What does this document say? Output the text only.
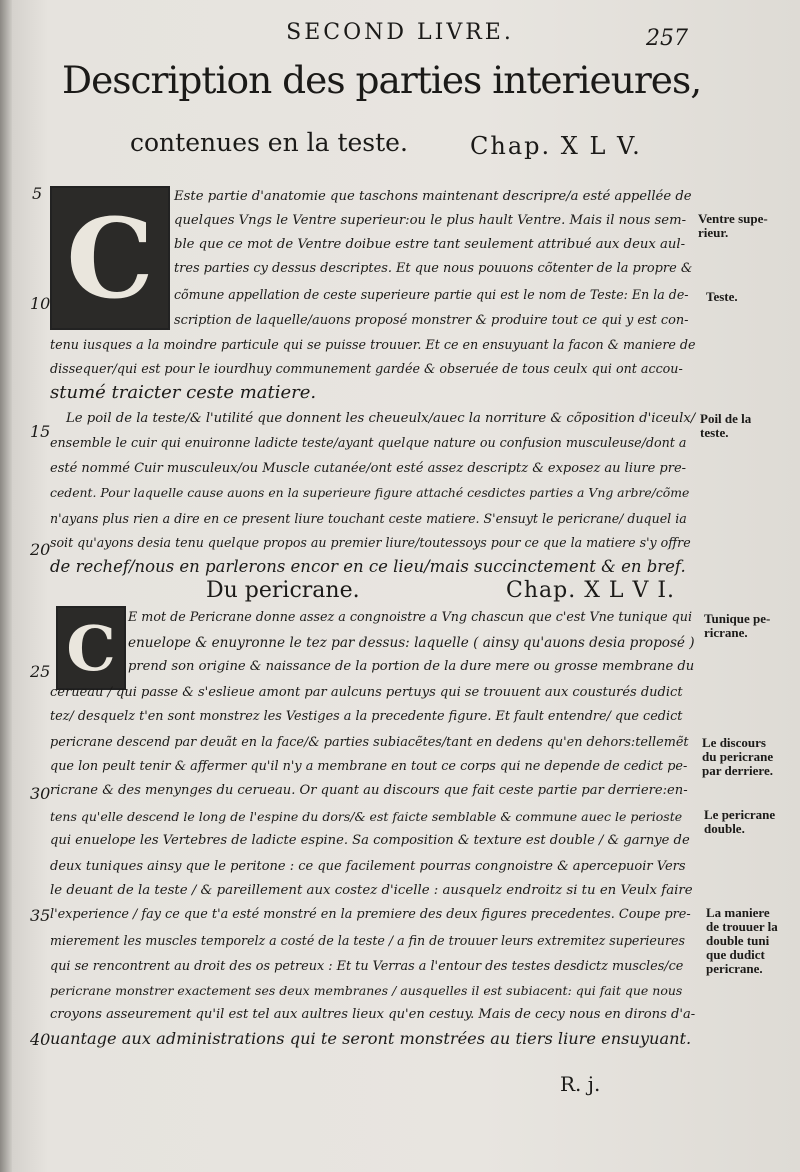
SECOND LIVRE.	257
Description des parties interieures,
contenues en la teste.	Chap. X L V.
5
10
15
20
25
30
35
40
C
C
Este partie d'anatomie que taschons maintenant descripre/a esté appellée de
quelques Vngs le Ventre superieur:ou le plus hault Ventre. Mais il nous sem-
ble que ce mot de Ventre doibue estre tant seulement attribué aux deux aul-
tres parties cy dessus descriptes. Et que nous pouuons cõtenter de la propre &
cõmune appellation de ceste superieure partie qui est le nom de Teste: En la de-
scription de laquelle/auons proposé monstrer & produire tout ce qui y est con-
tenu iusques a la moindre particule qui se puisse trouuer. Et ce en ensuyuant la facon & maniere de
dissequer/qui est pour le iourdhuy communement gardée & obseruée de tous ceulx qui ont accou-
stumé traicter ceste matiere.
Le poil de la teste/& l'utilité que donnent les cheueulx/auec la norriture & cõposition d'iceulx/
ensemble le cuir qui enuironne ladicte teste/ayant quelque nature ou confusion musculeuse/dont a
esté nommé Cuir musculeux/ou Muscle cutanée/ont esté assez descriptz & exposez au liure pre-
cedent. Pour laquelle cause auons en la superieure figure attaché cesdictes parties a Vng arbre/cõme
n'ayans plus rien a dire en ce present liure touchant ceste matiere. S'ensuyt le pericrane/ duquel ia
soit qu'ayons desia tenu quelque propos au premier liure/toutessoys pour ce que la matiere s'y offre
de rechef/nous en parlerons encor en ce lieu/mais succinctement & en bref.
Du pericrane.	Chap. X L V I.
E mot de Pericrane donne assez a congnoistre a Vng chascun que c'est Vne tunique qui
enuelope & enuyronne le tez par dessus: laquelle ( ainsy qu'auons desia proposé )
prend son origine & naissance de la portion de la dure mere ou grosse membrane du
cerueau / qui passe & s'eslieue amont par aulcuns pertuys qui se trouuent aux cousturés dudict
tez/ desquelz t'en sont monstrez les Vestiges a la precedente figure. Et fault entendre/ que cedict
pericrane descend par deuãt en la face/& parties subiacẽtes/tant en dedens qu'en dehors:tellemẽt
que lon peult tenir & affermer qu'il n'y a membrane en tout ce corps qui ne depende de cedict pe-
ricrane & des menynges du cerueau. Or quant au discours que fait ceste partie par derriere:en-
tens qu'elle descend le long de l'espine du dors/& est faicte semblable & commune auec le perioste
qui enuelope les Vertebres de ladicte espine. Sa composition & texture est double / & garnye de
deux tuniques ainsy que le peritone : ce que facilement pourras congnoistre & apercepuoir Vers
le deuant de la teste / & pareillement aux costez d'icelle : ausquelz endroitz si tu en Veulx faire
l'experience / fay ce que t'a esté monstré en la premiere des deux figures precedentes. Coupe pre-
mierement les muscles temporelz a costé de la teste / a fin de trouuer leurs extremitez superieures
qui se rencontrent au droit des os petreux : Et tu Verras a l'entour des testes desdictz muscles/ce
pericrane monstrer exactement ses deux membranes / ausquelles il est subiacent: qui fait que nous
croyons asseurement qu'il est tel aux aultres lieux qu'en cestuy. Mais de cecy nous en dirons d'a-
uantage aux administrations qui te seront monstrées au tiers liure ensuyuant.
Ventre supe-rieur.
Teste.
Poil de la teste.
Tunique pe-ricrane.
Le discours du pericrane par derriere.
Le pericrane double.
La maniere de trouuer la double tuni que dudict pericrane.
R. j.
